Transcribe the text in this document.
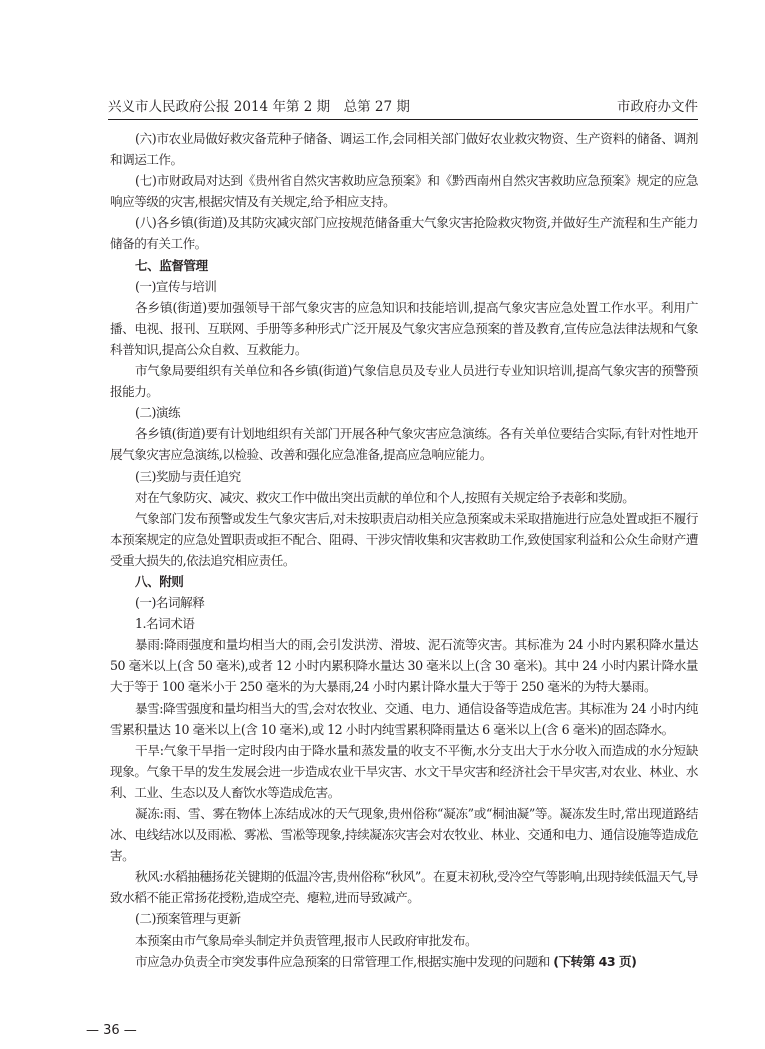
兴义市人民政府公报 2014 年第 2 期　总第 27 期	市政府办文件

(六)市农业局做好救灾备荒种子储备、调运工作,会同相关部门做好农业救灾物资、生产资料的储备、调剂和调运工作。

(七)市财政局对达到《贵州省自然灾害救助应急预案》和《黔西南州自然灾害救助应急预案》规定的应急响应等级的灾害,根据灾情及有关规定,给予相应支持。

(八)各乡镇(街道)及其防灾减灾部门应按规范储备重大气象灾害抢险救灾物资,并做好生产流程和生产能力储备的有关工作。

七、监督管理

(一)宣传与培训

各乡镇(街道)要加强领导干部气象灾害的应急知识和技能培训,提高气象灾害应急处置工作水平。利用广播、电视、报刊、互联网、手册等多种形式广泛开展及气象灾害应急预案的普及教育,宣传应急法律法规和气象科普知识,提高公众自救、互救能力。

市气象局要组织有关单位和各乡镇(街道)气象信息员及专业人员进行专业知识培训,提高气象灾害的预警预报能力。

(二)演练

各乡镇(街道)要有计划地组织有关部门开展各种气象灾害应急演练。各有关单位要结合实际,有针对性地开展气象灾害应急演练,以检验、改善和强化应急准备,提高应急响应能力。

(三)奖励与责任追究

对在气象防灾、减灾、救灾工作中做出突出贡献的单位和个人,按照有关规定给予表彰和奖励。

气象部门发布预警或发生气象灾害后,对未按职责启动相关应急预案或未采取措施进行应急处置或拒不履行本预案规定的应急处置职责或拒不配合、阻碍、干涉灾情收集和灾害救助工作,致使国家利益和公众生命财产遭受重大损失的,依法追究相应责任。

八、附则

(一)名词解释

1.名词术语

暴雨:降雨强度和量均相当大的雨,会引发洪涝、滑坡、泥石流等灾害。其标准为 24 小时内累积降水量达 50 毫米以上(含 50 毫米),或者 12 小时内累积降水量达 30 毫米以上(含 30 毫米)。其中 24 小时内累计降水量大于等于 100 毫米小于 250 毫米的为大暴雨,24 小时内累计降水量大于等于 250 毫米的为特大暴雨。

暴雪:降雪强度和量均相当大的雪,会对农牧业、交通、电力、通信设备等造成危害。其标准为 24 小时内纯雪累积量达 10 毫米以上(含 10 毫米),或 12 小时内纯雪累积降雨量达 6 毫米以上(含 6 毫米)的固态降水。

干旱:气象干旱指一定时段内由于降水量和蒸发量的收支不平衡,水分支出大于水分收入而造成的水分短缺现象。气象干旱的发生发展会进一步造成农业干旱灾害、水文干旱灾害和经济社会干旱灾害,对农业、林业、水利、工业、生态以及人畜饮水等造成危害。

凝冻:雨、雪、雾在物体上冻结成冰的天气现象,贵州俗称“凝冻”或“桐油凝”等。凝冻发生时,常出现道路结冰、电线结冰以及雨凇、雾凇、雪凇等现象,持续凝冻灾害会对农牧业、林业、交通和电力、通信设施等造成危害。

秋风:水稻抽穗扬花关键期的低温冷害,贵州俗称“秋风”。在夏末初秋,受冷空气等影响,出现持续低温天气,导致水稻不能正常扬花授粉,造成空壳、瘪粒,进而导致减产。

(二)预案管理与更新

本预案由市气象局牵头制定并负责管理,报市人民政府审批发布。

市应急办负责全市突发事件应急预案的日常管理工作,根据实施中发现的问题和 (下转第 43 页)

— 36 —
